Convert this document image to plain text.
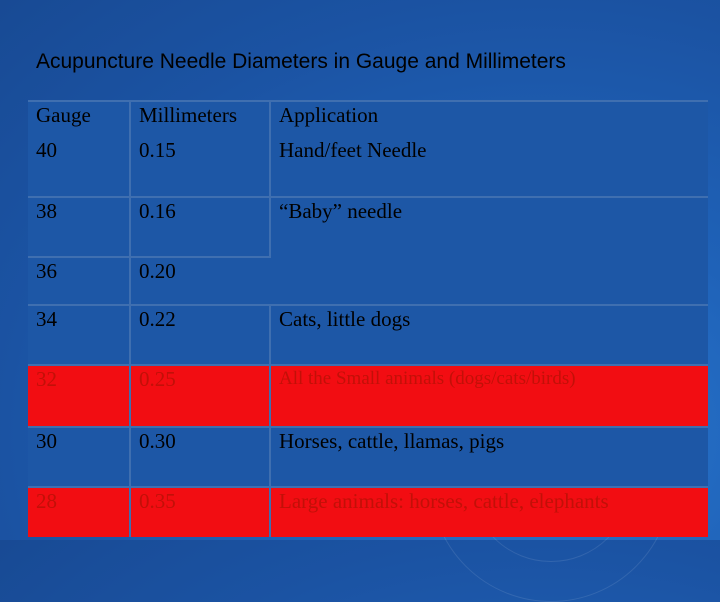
Acupuncture Needle Diameters in Gauge and Millimeters
Gauge	Millimeters	Application
40	0.15	Hand/feet Needle
38	0.16	“Baby” needle
36	0.20	
34	0.22	Cats, little dogs
32	0.25	All the Small animals (dogs/cats/birds)
30	0.30	Horses, cattle, llamas, pigs
28	0.35	Large animals: horses, cattle, elephants
